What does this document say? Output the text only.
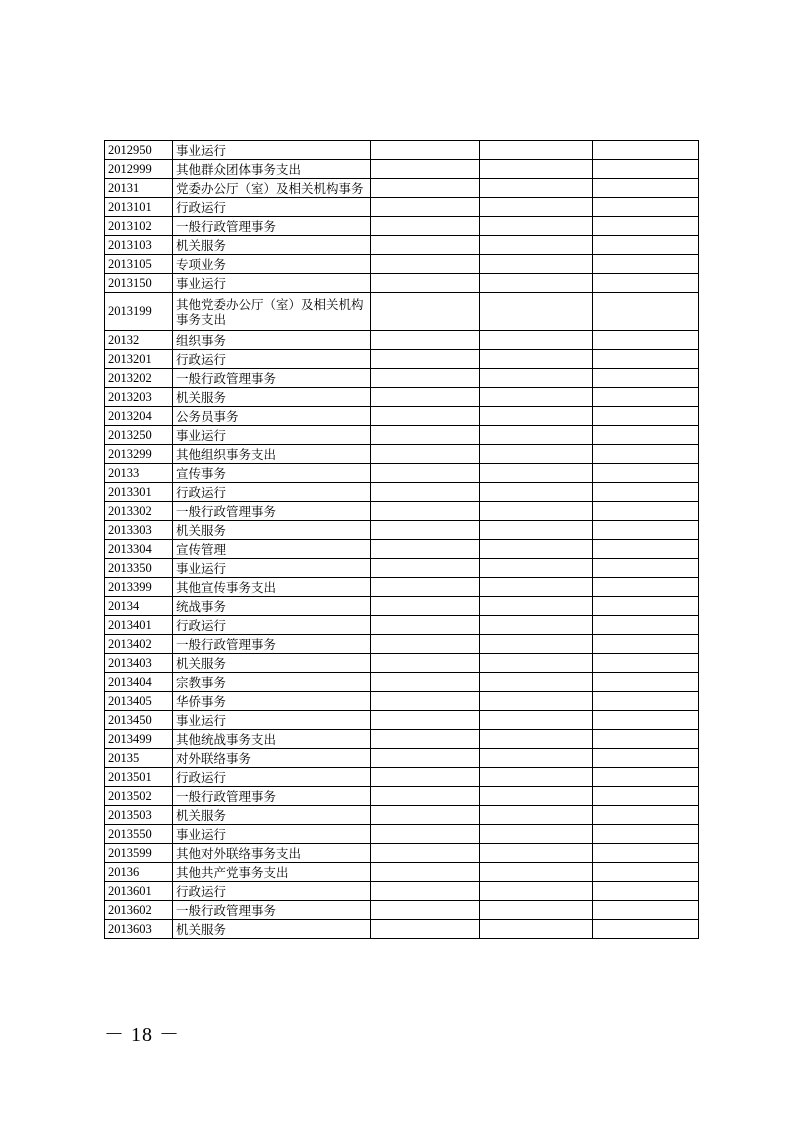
2012950	事业运行			
2012999	其他群众团体事务支出			
20131	党委办公厅（室）及相关机构事务			
2013101	行政运行			
2013102	一般行政管理事务			
2013103	机关服务			
2013105	专项业务			
2013150	事业运行			
2013199	其他党委办公厅（室）及相关机构事务支出			
20132	组织事务			
2013201	行政运行			
2013202	一般行政管理事务			
2013203	机关服务			
2013204	公务员事务			
2013250	事业运行			
2013299	其他组织事务支出			
20133	宣传事务			
2013301	行政运行			
2013302	一般行政管理事务			
2013303	机关服务			
2013304	宣传管理			
2013350	事业运行			
2013399	其他宣传事务支出			
20134	统战事务			
2013401	行政运行			
2013402	一般行政管理事务			
2013403	机关服务			
2013404	宗教事务			
2013405	华侨事务			
2013450	事业运行			
2013499	其他统战事务支出			
20135	对外联络事务			
2013501	行政运行			
2013502	一般行政管理事务			
2013503	机关服务			
2013550	事业运行			
2013599	其他对外联络事务支出			
20136	其他共产党事务支出			
2013601	行政运行			
2013602	一般行政管理事务			
2013603	机关服务			
－ 18 －
